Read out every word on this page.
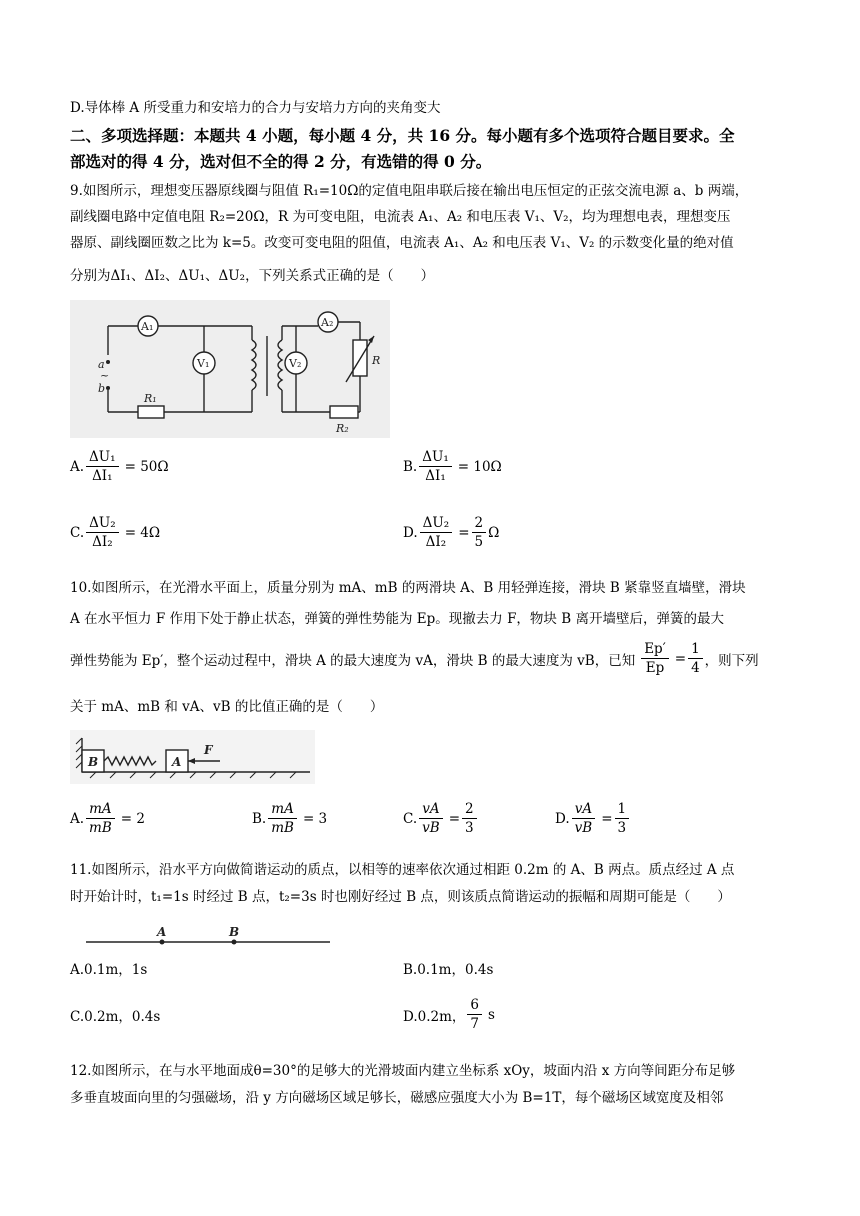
D.导体棒 A 所受重力和安培力的合力与安培力方向的夹角变大
二、多项选择题：本题共 4 小题，每小题 4 分，共 16 分。每小题有多个选项符合题目要求。全
部选对的得 4 分，选对但不全的得 2 分，有选错的得 0 分。
9.如图所示，理想变压器原线圈与阻值 R₁=10Ω的定值电阻串联后接在输出电压恒定的正弦交流电源 a、b 两端，
副线圈电路中定值电阻 R₂=20Ω，R 为可变电阻，电流表 A₁、A₂ 和电压表 V₁、V₂，均为理想电表，理想变压
器原、副线圈匝数之比为 k=5。改变可变电阻的阻值，电流表 A₁、A₂ 和电压表 V₁、V₂ 的示数变化量的绝对值
分别为ΔI₁、ΔI₂、ΔU₁、ΔU₂，下列关系式正确的是（　　）
A₁	A₂
V₁	V₂	R
R₁
R₂
a
~
b
A. $\frac{\text{ΔU₁}}{\text{ΔI₁}} = 50\Omega$	B. $\frac{\text{ΔU₁}}{\text{ΔI₁}} = 10\Omega$
C. $\frac{\text{ΔU₂}}{\text{ΔI₂}} = 4\Omega$	D. $\frac{\text{ΔU₂}}{\text{ΔI₂}} = \frac{2}{5}$ Ω
10.如图所示，在光滑水平面上，质量分别为 mA、mB 的两滑块 A、B 用轻弹连接，滑块 B 紧靠竖直墙壁，滑块
A 在水平恒力 F 作用下处于静止状态，弹簧的弹性势能为 Ep。现撤去力 F，物块 B 离开墙壁后，弹簧的最大
弹性势能为 Ep′，整个运动过程中，滑块 A 的最大速度为 vA，滑块 B 的最大速度为 vB，已知 $\frac{Ep'}{Ep} = \frac{1}{4}$ ，则下列
关于 mA、mB 和 vA、vB 的比值正确的是（　　）
B	A
F
A. $\frac{mA}{mB} = 2$	B. $\frac{mA}{mB} = 3$	C. $\frac{vA}{vB} = \frac{2}{3}$	D. $\frac{vA}{vB} = \frac{1}{3}$
11.如图所示，沿水平方向做简谐运动的质点，以相等的速率依次通过相距 0.2m 的 A、B 两点。质点经过 A 点
时开始计时，t₁=1s 时经过 B 点，t₂=3s 时也刚好经过 B 点，则该质点简谐运动的振幅和周期可能是（　　）
A	B
A.0.1m，1s	B.0.1m，0.4s
C.0.2m，0.4s	D.0.2m， $\frac{6}{7}$ s
12.如图所示，在与水平地面成θ=30°的足够大的光滑坡面内建立坐标系 xOy，坡面内沿 x 方向等间距分布足够
多垂直坡面向里的匀强磁场，沿 y 方向磁场区域足够长，磁感应强度大小为 B=1T，每个磁场区域宽度及相邻
